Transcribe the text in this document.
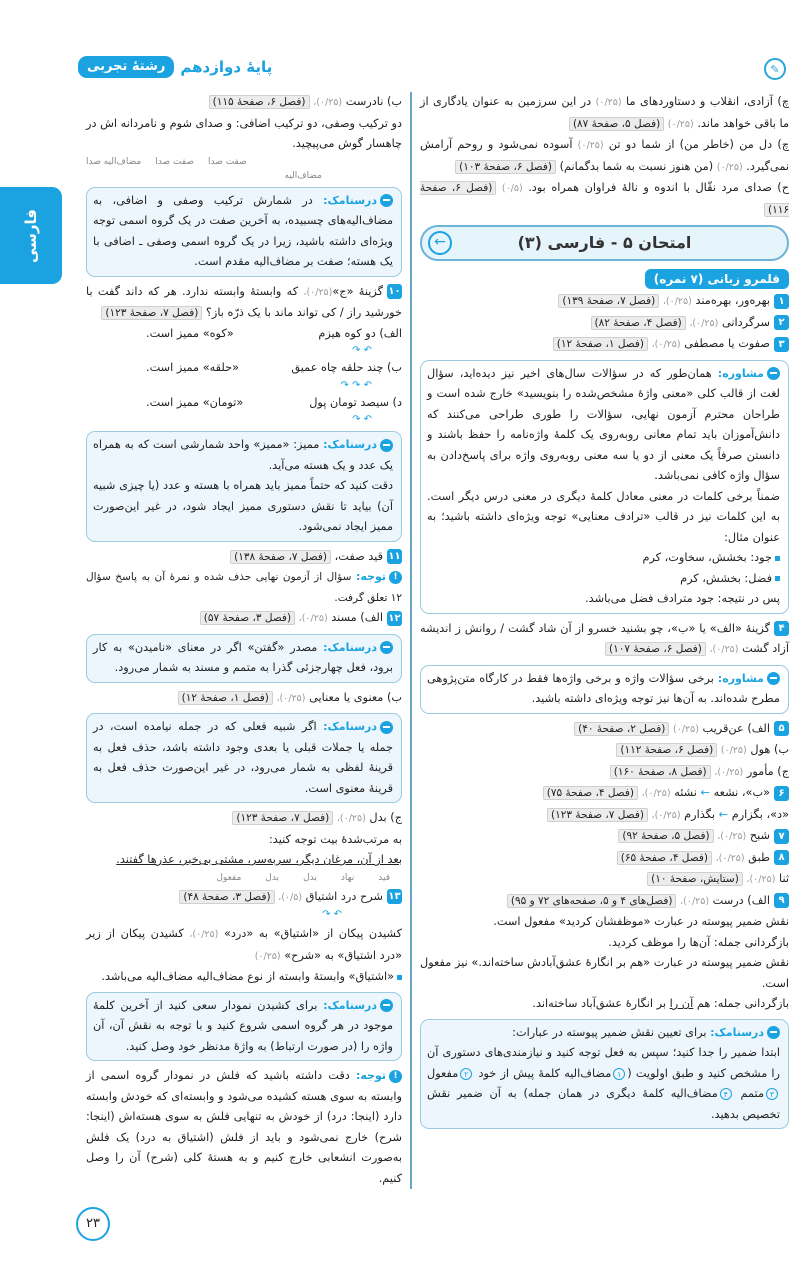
پایهٔ دوازدهم
رشتهٔ تجربی	✎
فارسی

چ) آزادی، انقلاب و دستاوردهای ما (۰/۲۵) در این سرزمین به عنوان یادگاری از ما باقی خواهد ماند. (۰/۲۵) (فصل ۵، صفحهٔ ۸۷)

چ) دل من (خاطر من) از شما دو تن (۰/۲۵) آسوده نمی‌شود و روحم آرامش نمی‌گیرد. (۰/۲۵) (من هنوز نسبت به شما بدگمانم) (فصل ۶، صفحهٔ ۱۰۳)

ح) صدای مرد نقّال با اندوه و نالهٔ فراوان همراه بود. (۰/۵) (فصل ۶، صفحهٔ ۱۱۶)

امتحان ۵ - فارسی (۳)
←
قلمرو زبانی (۷ نمره)

۱بهره‌ور، بهره‌مند (۰/۲۵)، (فصل ۷، صفحهٔ ۱۳۹)

۲سرگردانی (۰/۲۵)، (فصل ۴، صفحهٔ ۸۲)

۳صفوت یا مصطفی (۰/۲۵)، (فصل ۱، صفحهٔ ۱۲)

مشاوره: همان‌طور که در سؤالات سال‌های اخیر نیز دیده‌اید، سؤال لغت از قالب کلی «معنی واژهٔ مشخص‌شده را بنویسید» خارج شده است و طراحان محترم آزمون نهایی، سؤالات را طوری طراحی می‌کنند که دانش‌آموزان باید تمام معانی روبه‌روی یک کلمهٔ واژه‌نامه را حفظ باشند و دانستن صرفاً یک معنی از دو یا سه معنی روبه‌روی واژه برای پاسخ‌دادن به سؤال واژه کافی نمی‌باشد.

ضمناً برخی کلمات در معنی معادل کلمهٔ دیگری در معنی درس دیگر است. به این کلمات نیز در قالب «ترادف معنایی» توجه ویژه‌ای داشته باشید؛ به عنوان مثال:

جود: بخشش، سخاوت، کرم

فضل: بخشش، کرم

پس در نتیجه: جود مترادف فضل می‌باشد.

۴گزینهٔ «الف» یا «ب»، چو بشنید خسرو از آن شاد گشت / روانش ز اندیشه آزاد گشت (۰/۲۵)، (فصل ۶، صفحهٔ ۱۰۷)

مشاوره: برخی سؤالات واژه و برخی واژه‌ها فقط در کارگاه متن‌پژوهی مطرح شده‌اند. به آن‌ها نیز توجه ویژه‌ای داشته باشید.

۵الف) عن‌قریب (۰/۲۵) (فصل ۲، صفحهٔ ۴۰)

ب) هول (۰/۲۵) (فصل ۶، صفحهٔ ۱۱۲)

ج) مأمور (۰/۲۵)، (فصل ۸، صفحهٔ ۱۶۰)

۶«ب»، نشعه ← نشئه (۰/۲۵)، (فصل ۴، صفحهٔ ۷۵)

«د»، بگزارم ← بگذارم (۰/۲۵)، (فصل ۷، صفحهٔ ۱۲۳)

۷شبح (۰/۲۵)، (فصل ۵، صفحهٔ ۹۲)

۸طبق (۰/۲۵)، (فصل ۴، صفحهٔ ۶۵)

ثنا (۰/۲۵)، (ستایش، صفحهٔ ۱۰)

۹الف) درست (۰/۲۵)، (فصل‌های ۴ و ۵، صفحه‌های ۷۲ و ۹۵)

نقش ضمیر پیوسته در عبارت «موظفشان کردید» مفعول است.

بازگردانی جمله: آن‌ها را موظف کردید.

نقش ضمیر پیوسته در عبارت «هم بر انگارهٔ عشق‌آبادش ساخته‌اند.» نیز مفعول است.

بازگردانی جمله: هم آن را بر انگارهٔ عشق‌آباد ساخته‌اند.

درسنامک: برای تعیین نقش ضمیر پیوسته در عبارات:

ابتدا ضمیر را جدا کنید؛ سپس به فعل توجه کنید و نیازمندی‌های دستوری آن را مشخص کنید و طبق اولویت (۱مضاف‌الیه کلمهٔ پیش از خود ۲مفعول ۳متمم ۴مضاف‌الیه کلمهٔ دیگری در همان جمله) به آن ضمیر نقش تخصیص بدهید.

ب) نادرست (۰/۲۵)، (فصل ۶، صفحهٔ ۱۱۵)

دو ترکیب وصفی، دو ترکیب اضافی: و صدای شوم و نامردانه اش در چاهسار گوش می‌پیچید.

صفت صدا
صفت صدا
مضاف‌الیه صدا
مضاف‌الیه

درسنامک: در شمارش ترکیب وصفی و اضافی، به مضاف‌الیه‌های چسبیده، به آخرین صفت در یک گروه اسمی توجه ویژه‌ای داشته باشید، زیرا در یک گروه اسمی وصفی ـ اضافی با یک هسته؛ صفت بر مضاف‌الیه مقدم است.

۱۰گزینهٔ «ج»(۰/۲۵)، که وابستهٔ وابسته ندارد. هر که داند گفت با خورشید راز / کی تواند ماند با یک ذرّه باز؟ (فصل ۷، صفحهٔ ۱۲۳)

الف) دو کوه هیزم
«کوه» ممیز است.
↶ ↷
ب) چند حلقه چاه عمیق
«حلقه» ممیز است.
↶ ↷ ↷
د) سیصد تومان پول
«تومان» ممیز است.
↶ ↷

درسنامک: ممیز: «ممیز» واحد شمارشی است که به همراه یک عدد و یک هسته می‌آید.

دقت کنید که حتماً ممیز باید همراه با هسته و عدد (یا چیزی شبیه آن) بیاید تا نقش دستوری ممیز ایجاد شود، در غیر این‌صورت ممیز ایجاد نمی‌شود.

۱۱قید صفت، (فصل ۷، صفحهٔ ۱۳۸)

!توجه: سؤال از آزمون نهایی حذف شده و نمرهٔ آن به پاسخ سؤال ۱۲ تعلق گرفت.

۱۲الف) مسند (۰/۲۵)، (فصل ۳، صفحهٔ ۵۷)

درسنامک: مصدر «گفتن» اگر در معنای «نامیدن» به کار برود، فعل چهارجزئی گذرا به متمم و مسند به شمار می‌رود.

ب) معنوی یا معنایی (۰/۲۵)، (فصل ۱، صفحهٔ ۱۲)

درسنامک: اگر شبیه فعلی که در جمله نیامده است، در جمله یا جملات قبلی یا بعدی وجود داشته باشد، حذف فعل به قرینهٔ لفظی به شمار می‌رود، در غیر این‌صورت حذف فعل به قرینهٔ معنوی است.

ج) بدل (۰/۲۵)، (فصل ۷، صفحهٔ ۱۲۳)

به مرتب‌شدهٔ بیت توجه کنید:

بعد از آن، مرغان دیگر، سربه‌سر، مشتی بی‌خبر، عذرها گفتند.

قید
نهاد
بدل
بدل
مفعول

۱۳شرح درد اشتیاق (۰/۵)، (فصل ۳، صفحهٔ ۴۸)

↶ ↷

کشیدن پیکان از «اشتیاق» به «درد» (۰/۲۵)، کشیدن پیکان از زیر «درد اشتیاق» به «شرح» (۰/۲۵)

«اشتیاق» وابستهٔ وابسته از نوع مضاف‌الیه مضاف‌الیه می‌باشد.

درسنامک: برای کشیدن نمودار سعی کنید از آخرین کلمهٔ موجود در هر گروه اسمی شروع کنید و با توجه به نقش آن، آن واژه را (در صورت ارتباط) به واژهٔ مدنظر خود وصل کنید.

!توجه: دقت داشته باشید که فلش در نمودار گروه اسمی از وابسته به سوی هسته کشیده می‌شود و وابسته‌ای که خودش وابسته دارد (اینجا: درد) از خودش به تنهایی فلش به سوی هسته‌اش (اینجا: شرح) خارج نمی‌شود و باید از فلش (اشتیاق به درد) یک فلش به‌صورت انشعابی خارج کنیم و به هستهٔ کلی (شرح) آن را وصل کنیم.

۲۳
